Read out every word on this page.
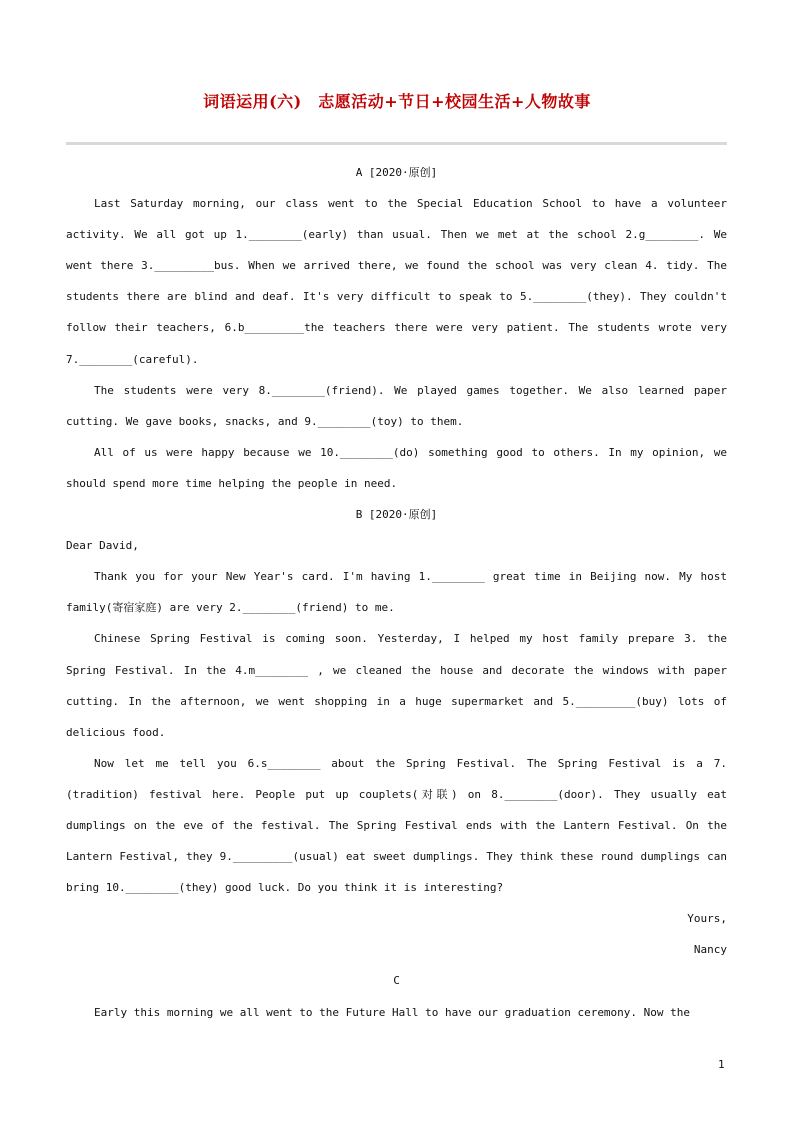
词语运用(六)　志愿活动+节日+校园生活+人物故事

A [2020·原创]

Last Saturday morning, our class went to the Special Education School to have a volunteer activity. We all got up 1.________(early) than usual. Then we met at the school 2.g________. We went there 3._________bus. When we arrived there, we found the school was very clean 4. tidy. The students there are blind and deaf. It's very difficult to speak to 5.________(they). They couldn't follow their teachers, 6.b_________the teachers there were very patient. The students wrote very 7.________(careful).

The students were very 8.________(friend). We played games together. We also learned paper cutting. We gave books, snacks, and 9.________(toy) to them.

All of us were happy because we 10.________(do) something good to others. In my opinion, we should spend more time helping the people in need.

B [2020·原创]

Dear David,

Thank you for your New Year's card. I'm having 1.________ great time in Beijing now. My host family(寄宿家庭) are very 2.________(friend) to me.

Chinese Spring Festival is coming soon. Yesterday, I helped my host family prepare 3. the Spring Festival. In the 4.m________ , we cleaned the house and decorate the windows with paper cutting. In the afternoon, we went shopping in a huge supermarket and 5._________(buy) lots of delicious food.

Now let me tell you 6.s________ about the Spring Festival. The Spring Festival is a 7. (tradition) festival here. People put up couplets(对联) on 8.________(door). They usually eat dumplings on the eve of the festival. The Spring Festival ends with the Lantern Festival. On the Lantern Festival, they 9._________(usual) eat sweet dumplings. They think these round dumplings can bring 10.________(they) good luck. Do you think it is interesting?

Yours,

Nancy

C

Early this morning we all went to the Future Hall to have our graduation ceremony. Now the

1
